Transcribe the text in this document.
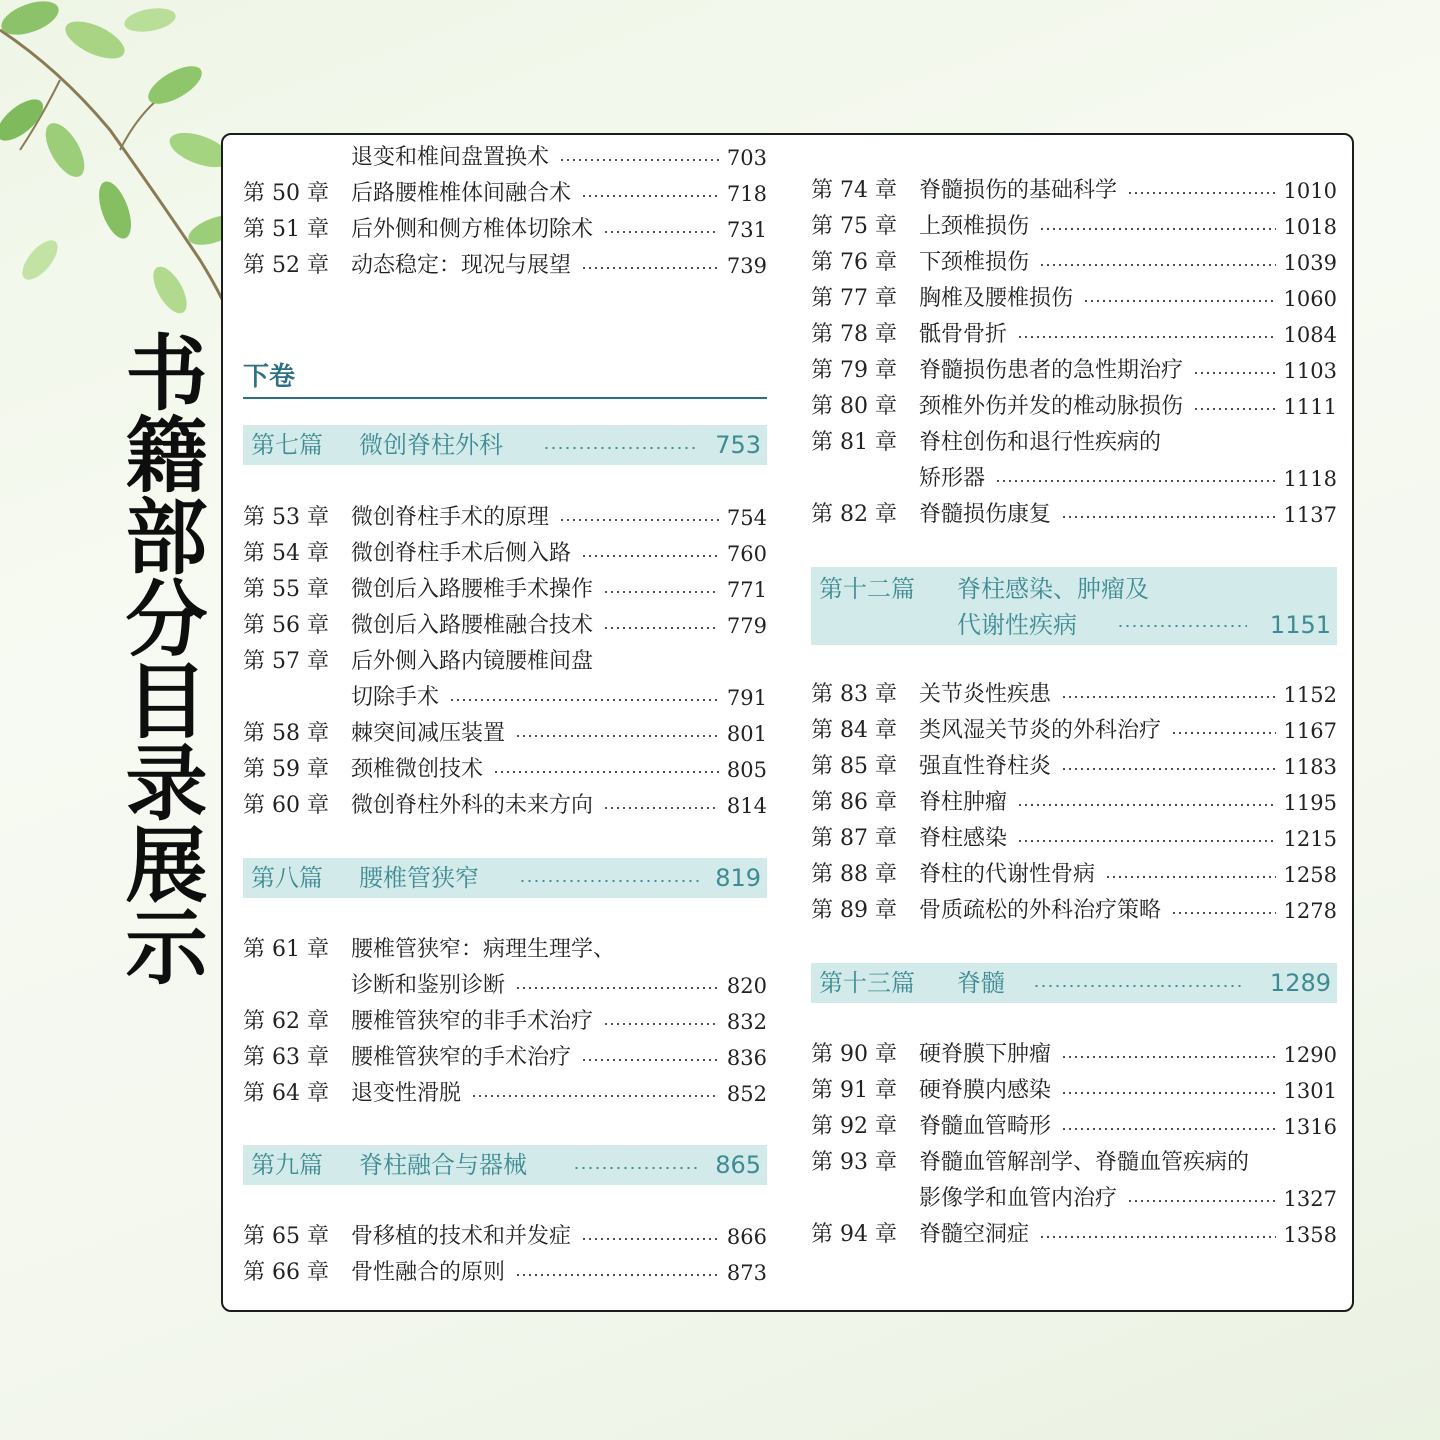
书籍部分目录展示
退变和椎间盘置换术	703
第 50 章 后路腰椎椎体间融合术	718
第 51 章 后外侧和侧方椎体切除术	731
第 52 章 动态稳定：现况与展望	739
下卷
第七篇 微创脊柱外科	753
第 53 章 微创脊柱手术的原理	754
第 54 章 微创脊柱手术后侧入路	760
第 55 章 微创后入路腰椎手术操作	771
第 56 章 微创后入路腰椎融合技术	779
第 57 章 后外侧入路内镜腰椎间盘
切除手术	791
第 58 章 棘突间减压装置	801
第 59 章 颈椎微创技术	805
第 60 章 微创脊柱外科的未来方向	814
第八篇 腰椎管狭窄	819
第 61 章 腰椎管狭窄：病理生理学、
诊断和鉴别诊断	820
第 62 章 腰椎管狭窄的非手术治疗	832
第 63 章 腰椎管狭窄的手术治疗	836
第 64 章 退变性滑脱	852
第九篇 脊柱融合与器械	865
第 65 章 骨移植的技术和并发症	866
第 66 章 骨性融合的原则	873
第 74 章 脊髓损伤的基础科学	1010
第 75 章 上颈椎损伤	1018
第 76 章 下颈椎损伤	1039
第 77 章 胸椎及腰椎损伤	1060
第 78 章 骶骨骨折	1084
第 79 章 脊髓损伤患者的急性期治疗	1103
第 80 章 颈椎外伤并发的椎动脉损伤	1111
第 81 章 脊柱创伤和退行性疾病的
矫形器	1118
第 82 章 脊髓损伤康复	1137
第十二篇 脊柱感染、肿瘤及
代谢性疾病	1151
第 83 章 关节炎性疾患	1152
第 84 章 类风湿关节炎的外科治疗	1167
第 85 章 强直性脊柱炎	1183
第 86 章 脊柱肿瘤	1195
第 87 章 脊柱感染	1215
第 88 章 脊柱的代谢性骨病	1258
第 89 章 骨质疏松的外科治疗策略	1278
第十三篇 脊髓	1289
第 90 章 硬脊膜下肿瘤	1290
第 91 章 硬脊膜内感染	1301
第 92 章 脊髓血管畸形	1316
第 93 章 脊髓血管解剖学、脊髓血管疾病的
影像学和血管内治疗	1327
第 94 章 脊髓空洞症	1358
